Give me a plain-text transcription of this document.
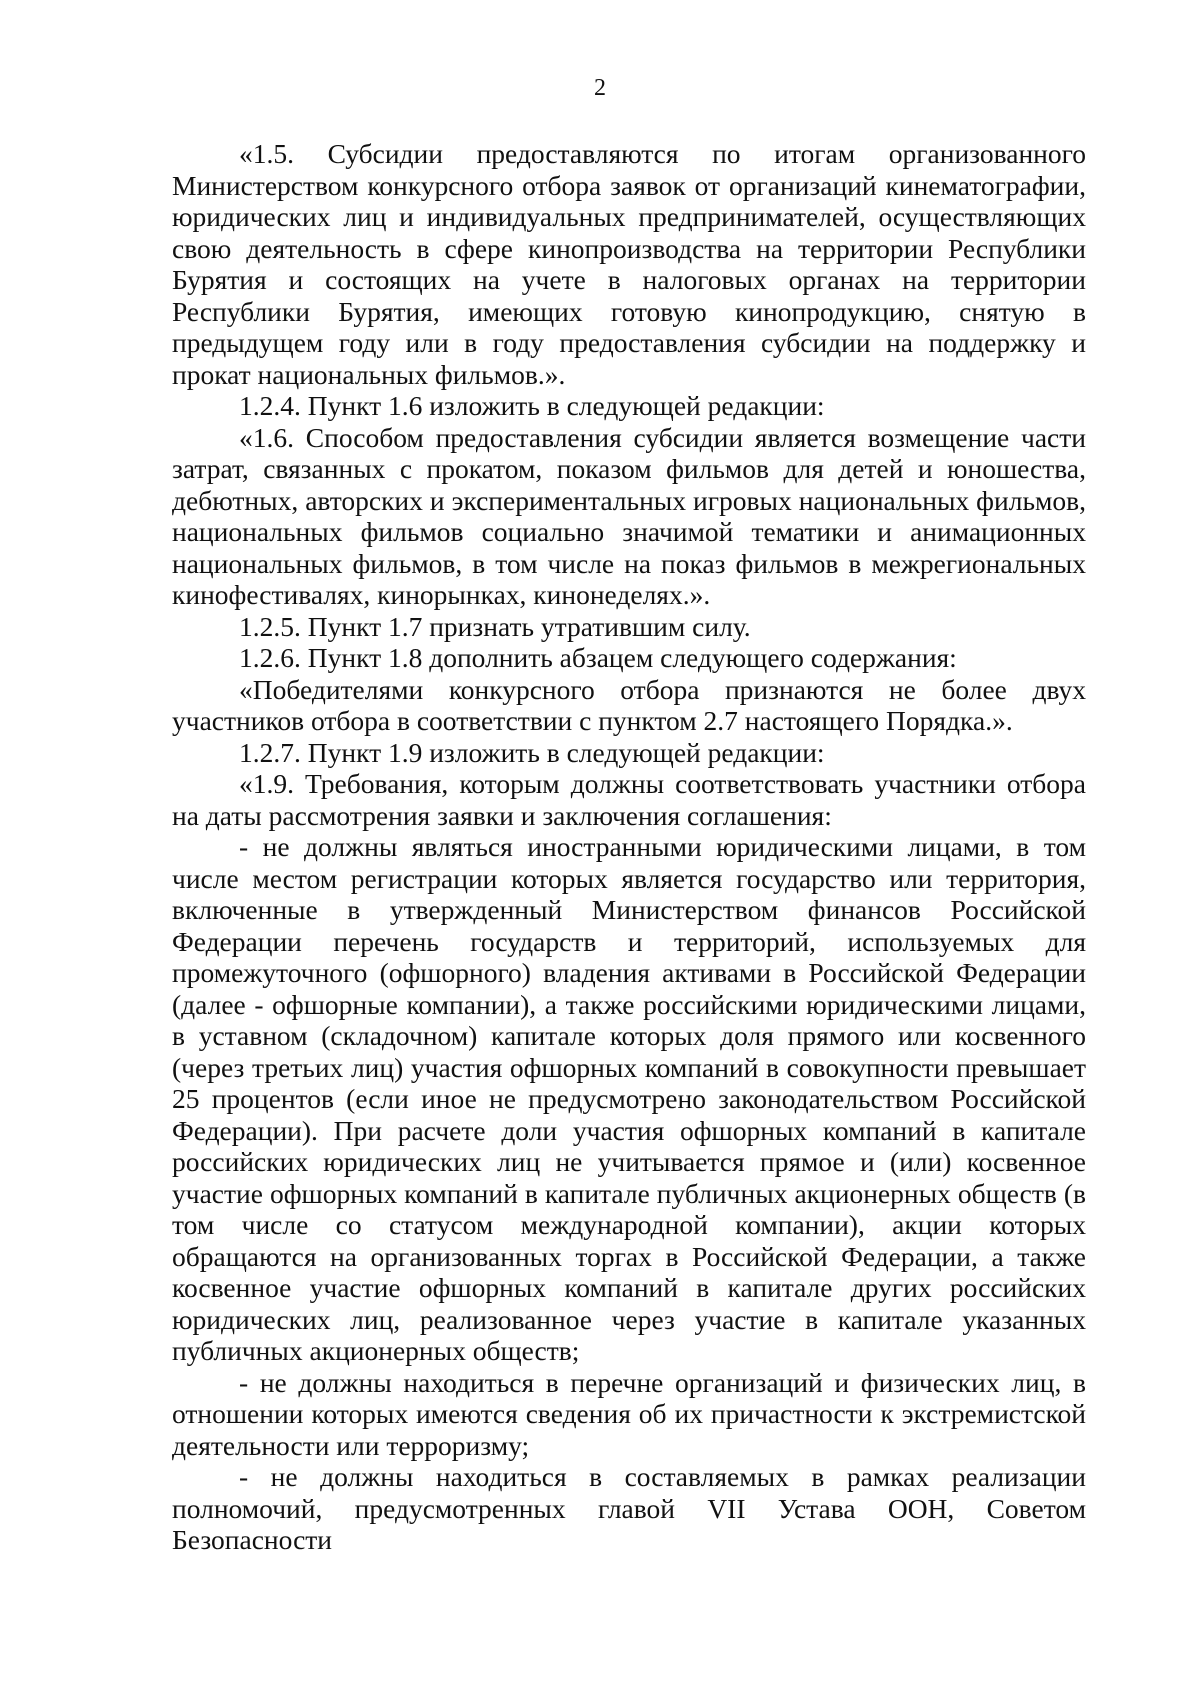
2

«1.5. Субсидии предоставляются по итогам организованного Министерством конкурсного отбора заявок от организаций кинематографии, юридических лиц и индивидуальных предпринимателей, осуществляющих свою деятельность в сфере кинопроизводства на территории Республики Бурятия и состоящих на учете в налоговых органах на территории Республики Бурятия, имеющих готовую кинопродукцию, снятую в предыдущем году или в году предоставления субсидии на поддержку и прокат национальных фильмов.».

1.2.4. Пункт 1.6 изложить в следующей редакции:

«1.6. Способом предоставления субсидии является возмещение части затрат, связанных с прокатом, показом фильмов для детей и юношества, дебютных, авторских и экспериментальных игровых национальных фильмов, национальных фильмов социально значимой тематики и анимационных национальных фильмов, в том числе на показ фильмов в межрегиональных кинофестивалях, кинорынках, кинонеделях.».

1.2.5. Пункт 1.7 признать утратившим силу.

1.2.6. Пункт 1.8 дополнить абзацем следующего содержания:

«Победителями конкурсного отбора признаются не более двух участников отбора в соответствии с пунктом 2.7 настоящего Порядка.».

1.2.7. Пункт 1.9 изложить в следующей редакции:

«1.9. Требования, которым должны соответствовать участники отбора на даты рассмотрения заявки и заключения соглашения:

- не должны являться иностранными юридическими лицами, в том числе местом регистрации которых является государство или территория, включенные в утвержденный Министерством финансов Российской Федерации перечень государств и территорий, используемых для промежуточного (офшорного) владения активами в Российской Федерации (далее - офшорные компании), а также российскими юридическими лицами, в уставном (складочном) капитале которых доля прямого или косвенного (через третьих лиц) участия офшорных компаний в совокупности превышает 25 процентов (если иное не предусмотрено законодательством Российской Федерации). При расчете доли участия офшорных компаний в капитале российских юридических лиц не учитывается прямое и (или) косвенное участие офшорных компаний в капитале публичных акционерных обществ (в том числе со статусом международной компании), акции которых обращаются на организованных торгах в Российской Федерации, а также косвенное участие офшорных компаний в капитале других российских юридических лиц, реализованное через участие в капитале указанных публичных акционерных обществ;

- не должны находиться в перечне организаций и физических лиц, в отношении которых имеются сведения об их причастности к экстремистской деятельности или терроризму;

- не должны находиться в составляемых в рамках реализации полномочий, предусмотренных главой VII Устава ООН, Советом Безопасности
